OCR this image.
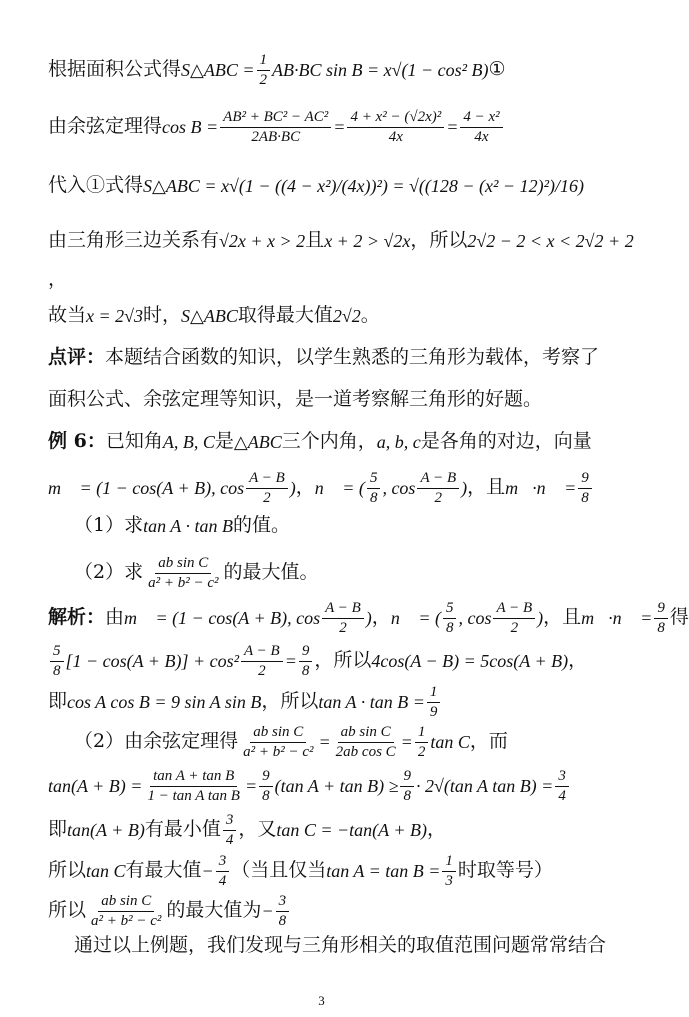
根据面积公式得 S△ABC = $\frac{1}{2} AB\cdot BC$ sin B = x√(1 − cos² B) ①
由余弦定理得 $\cos B = \frac{\text{AB² + BC² − AC²}}{2AB\cdot BC} = \frac{\text{4 + x² − (√2x)²}}{4x} = \frac{\text{4 − x²}}{4x}$
代入①式得 S△ABC = x√(1 − ((4 − x²)/(4x))²) = √((128 − (x² − 12)²)/16)
由三角形三边关系有 √2x + x > 2 且 x + 2 > √2x ，所以 2√2 − 2 < x < 2√2 + 2
，
故当 x = 2√3 时， S△ABC 取得最大值 2√2 。
点评： 本题结合函数的知识，以学生熟悉的三角形为载体，考察了
面积公式、余弦定理等知识，是一道考察解三角形的好题。
例 6： 已知角 A, B, C 是 △ABC 三个内角， a, b, c 是各角的对边，向量
m⃗ = (1 − cos(A + B), $\cos \frac{A - B}{2}$ ) ， n⃗ = ( $\frac{5}{8}$ , $\cos \frac{A - B}{2}$ ) ，且 m⃗·n⃗ = $\frac{9}{8}$
（1）求 tan A · tan B 的值。
（2）求 $\frac{\text{ab sin C}}{\text{a² + b² − c²}}$ 的最大值。
解析： 由 m⃗ = (1 − cos(A + B), $\cos \frac{A - B}{2}$ ) ， n⃗ = ( $\frac{5}{8}$ , $\cos \frac{A - B}{2}$ ) ，且 m⃗·n⃗ = $\frac{9}{8}$ 得
$\frac{5}{8} [1 - \cos(A + B)] + \cos^2 \frac{A - B}{2} = \frac{9}{8}$ ，所以 4cos(A − B) = 5cos(A + B) ，
即 cos A cos B = 9 sin A sin B ，所以 $\tan A \cdot \tan B = \frac{1}{9}$
（2）由余弦定理得 $\frac{\text{ab sin C}}{\text{a² + b² − c²}} = \frac{\text{ab sin C}}{\text{2ab cos C}} = \frac{1}{2}$ tan C ，而
$\tan(A + B) = \frac{\text{tan A + tan B}}{\text{1 − tan A tan B}} = \frac{9}{8} (\tan$ $A + \tan B) \ge \frac{9}{8} \cdot 2√(\tan$ A $\tan B) = \frac{3}{4}$
即 tan(A + B) 有最小值 $\frac{3}{4}$ ，又 tan C = −tan(A + B) ，
所以 tan C 有最大值 − $\frac{3}{4}$ （当且仅当 $\tan A = \tan B = \frac{1}{3}$ 时取等号）
所以 $\frac{\text{ab sin C}}{\text{a² + b² − c²}}$ 的最大值为 − $\frac{3}{8}$
通过以上例题，我们发现与三角形相关的取值范围问题常常结合
3
